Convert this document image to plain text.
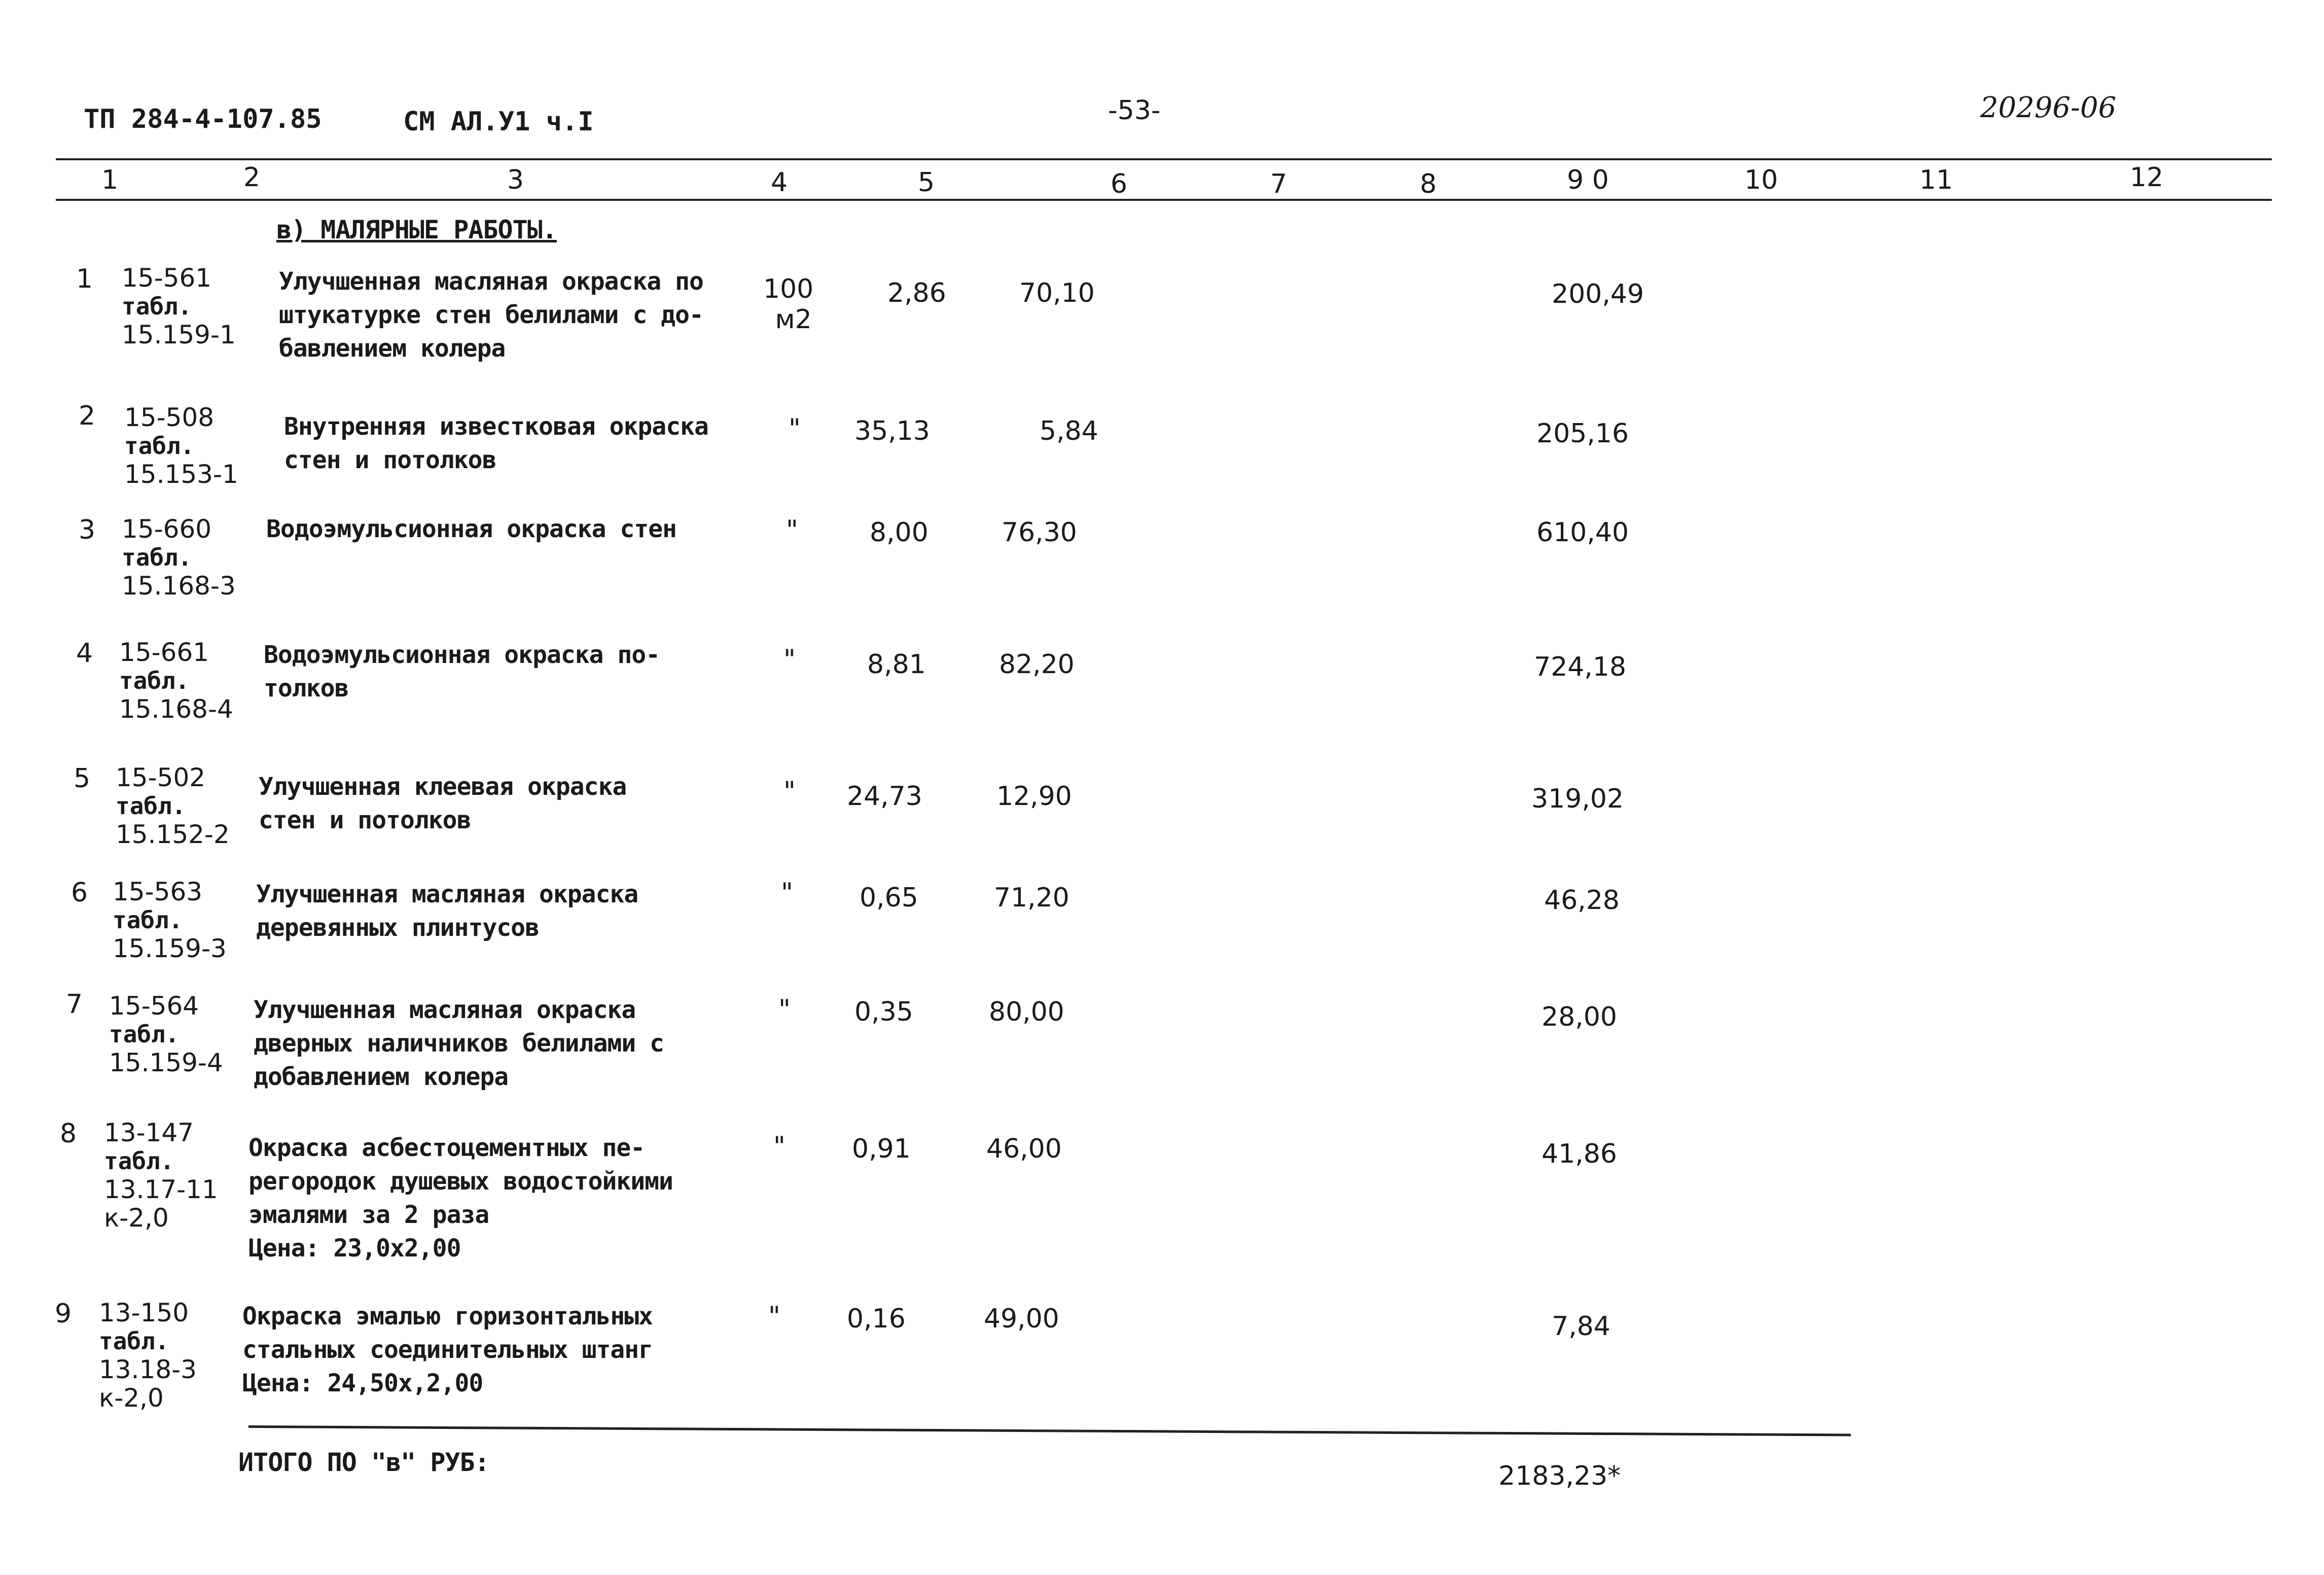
ТП 284-4-107.85	СМ АЛ.У1 ч.I	-53-	20296-06
1	2	3	4	5	6	7	8	9 0	10	11	12
в) МАЛЯРНЫЕ РАБОТЫ.
1 15-561
табл.
15.159-1
Улучшенная масляная окраска по
штукатурке стен белилами с до-
бавлением колера
100
м2
2,86	70,10	200,49
2 15-508
табл.
15.153-1
Внутренняя известковая окраска
стен и потолков
" 35,13	5,84	205,16
3 15-660
табл.
15.168-3
Водоэмульсионная окраска стен	"	8,00	76,30	610,40
4 15-661
табл.
15.168-4
Водоэмульсионная окраска по-
толков
"	8,81	82,20	724,18
5 15-502
табл.
15.152-2
Улучшенная клеевая окраска
стен и потолков
" 24,73	12,90	319,02
6 15-563
табл.
15.159-3
Улучшенная масляная окраска
деревянных плинтусов
"	0,65	71,20	46,28
7 15-564
табл.
15.159-4
Улучшенная масляная окраска
дверных наличников белилами с
добавлением колера
" 0,35	80,00	28,00
8 13-147
табл.
13.17-11
к-2,0
Окраска асбестоцементных пе-
регородок душевых водостойкими
эмалями за 2 раза
Цена: 23,0х2,00
"	0,91	46,00	41,86
9 13-150
табл.
13.18-3
к-2,0
Окраска эмалью горизонтальных
стальных соединительных штанг
Цена: 24,50х,2,00
"	0,16	49,00	7,84
ИТОГО ПО "в" РУБ:	2183,23*
